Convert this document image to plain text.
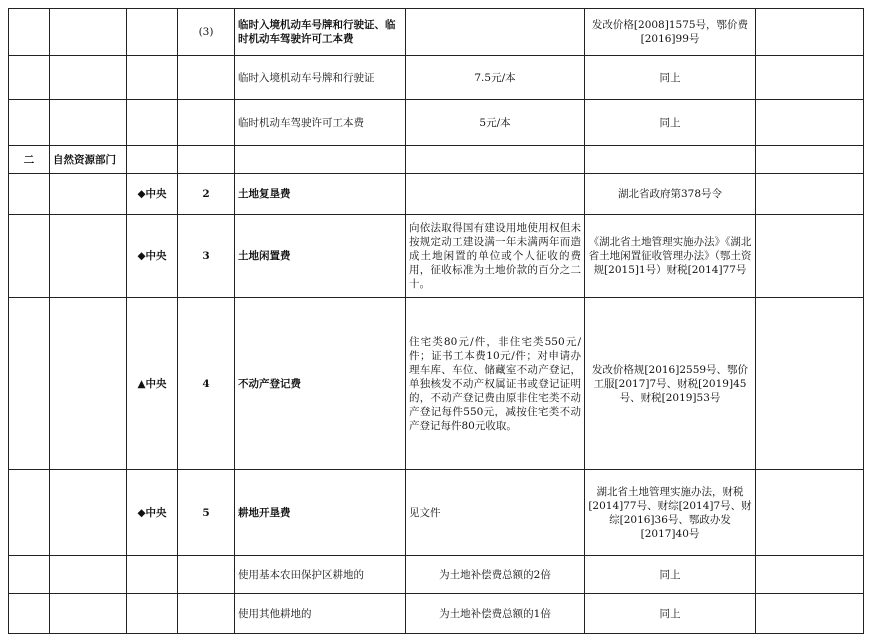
			(3)	临时入境机动车号牌和行驶证、临时机动车驾驶许可工本费		发改价格[2008]1575号，鄂价费[2016]99号	
				临时入境机动车号牌和行驶证	7.5元/本	同上	
				临时机动车驾驶许可工本费	5元/本	同上	
二	自然资源部门						
		◆中央	2	土地复垦费		湖北省政府第378号令	
		◆中央	3	土地闲置费	向依法取得国有建设用地使用权但未按规定动工建设满一年未满两年而造成土地闲置的单位或个人征收的费用，征收标准为土地价款的百分之二十。	《湖北省土地管理实施办法》《湖北省土地闲置征收管理办法》（鄂土资规[2015]1号）财税[2014]77号	
		▲中央	4	不动产登记费	住宅类80元/件，非住宅类550元/件；证书工本费10元/件；对申请办理车库、车位、储藏室不动产登记，单独核发不动产权属证书或登记证明的，不动产登记费由原非住宅类不动产登记每件550元，减按住宅类不动产登记每件80元收取。	发改价格规[2016]2559号、鄂价工服[2017]7号、财税[2019]45号、财税[2019]53号	
		◆中央	5	耕地开垦费	见文件	湖北省土地管理实施办法，财税[2014]77号、财综[2014]7号、财综[2016]36号、鄂政办发[2017]40号	
				使用基本农田保护区耕地的	为土地补偿费总额的2倍	同上	
				使用其他耕地的	为土地补偿费总额的1倍	同上	
